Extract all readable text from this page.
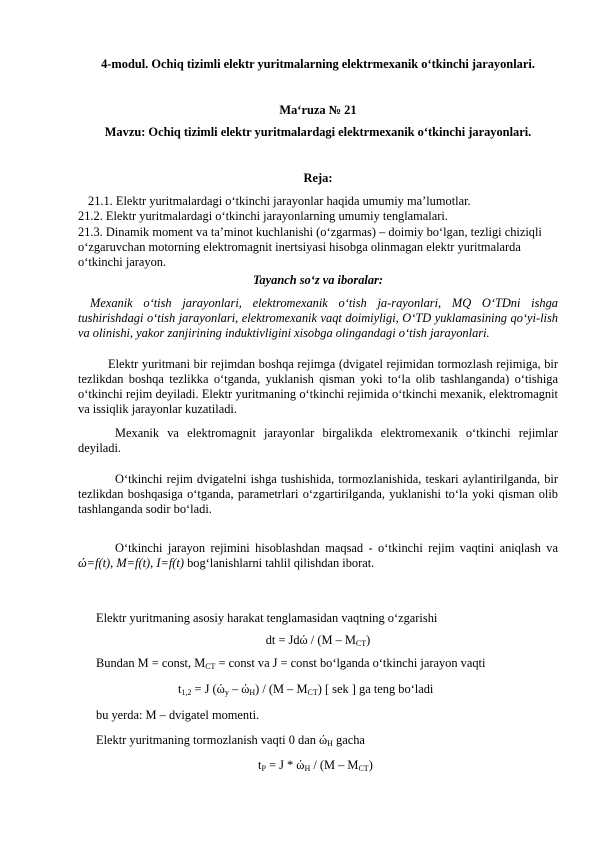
4-modul. Ochiq tizimli elektr yuritmalarning elektrmexanik oʻtkinchi jarayonlari.

Maʻruza № 21

Mavzu: Ochiq tizimli elektr yuritmalardagi elektrmexanik oʻtkinchi jarayonlari.

Reja:

21.1. Elektr yuritmalardagi oʻtkinchi jarayonlar haqida umumiy maʼlumotlar.

21.2. Elektr yuritmalardagi oʻtkinchi jarayonlarning umumiy tenglamalari.

21.3. Dinamik moment va taʼminot kuchlanishi (oʻzgarmas) – doimiy boʻlgan, tezligi chiziqli oʻzgaruvchan motorning elektromagnit inertsiyasi hisobga olinmagan elektr yuritmalarda oʻtkinchi jarayon.

Tayanch soʻz va iboralar:

Mexanik oʻtish jarayonlari, elektromexanik oʻtish ja-rayonlari, MQ OʻTDni ishga tushirishdagi oʻtish jarayonlari, elektromexanik vaqt doimiyligi, OʻTD yuklamasining qoʻyi-lish va olinishi, yakor zanjirining induktivligini xisobga olingandagi oʻtish jarayonlari.

Elektr yuritmani bir rejimdan boshqa rejimga (dvigatel rejimidan tormozlash rejimiga, bir tezlikdan boshqa tezlikka oʻtganda, yuklanish qisman yoki toʻla olib tashlanganda) oʻtishiga oʻtkinchi rejim deyiladi. Elektr yuritmaning oʻtkinchi rejimida oʻtkinchi mexanik, elektromagnit va issiqlik jarayonlar kuzatiladi.

Mexanik va elektromagnit jarayonlar birgalikda elektromexanik oʻtkinchi rejimlar deyiladi.

Oʻtkinchi rejim dvigatelni ishga tushishida, tormozlanishida, teskari aylantirilganda, bir tezlikdan boshqasiga oʻtganda, parametrlari oʻzgartirilganda, yuklanishi toʻla yoki qisman olib tashlanganda sodir boʻladi.

Oʻtkinchi jarayon rejimini hisoblashdan maqsad - oʻtkinchi rejim vaqtini aniqlash va ώ=f(t), M=f(t), I=f(t) bogʻlanishlarni tahlil qilishdan iborat.

Elektr yuritmaning asosiy harakat tenglamasidan vaqtning oʻzgarishi

dt = Jdώ / $(M - M_{CT})$

Bundan M = const, $M_{CT}$ = const va J = const boʻlganda oʻtkinchi jarayon vaqti

$t_{1,2} = J$ $(ώ_y - ώ_H) / (M - M_{CT})$ [ sek ] ga teng boʻladi

bu yerda: M – dvigatel momenti.

Elektr yuritmaning tormozlanish vaqti 0 dan $ώ_H$ gacha

$t_P = J * ώ_H / (M - M_{CT})$
